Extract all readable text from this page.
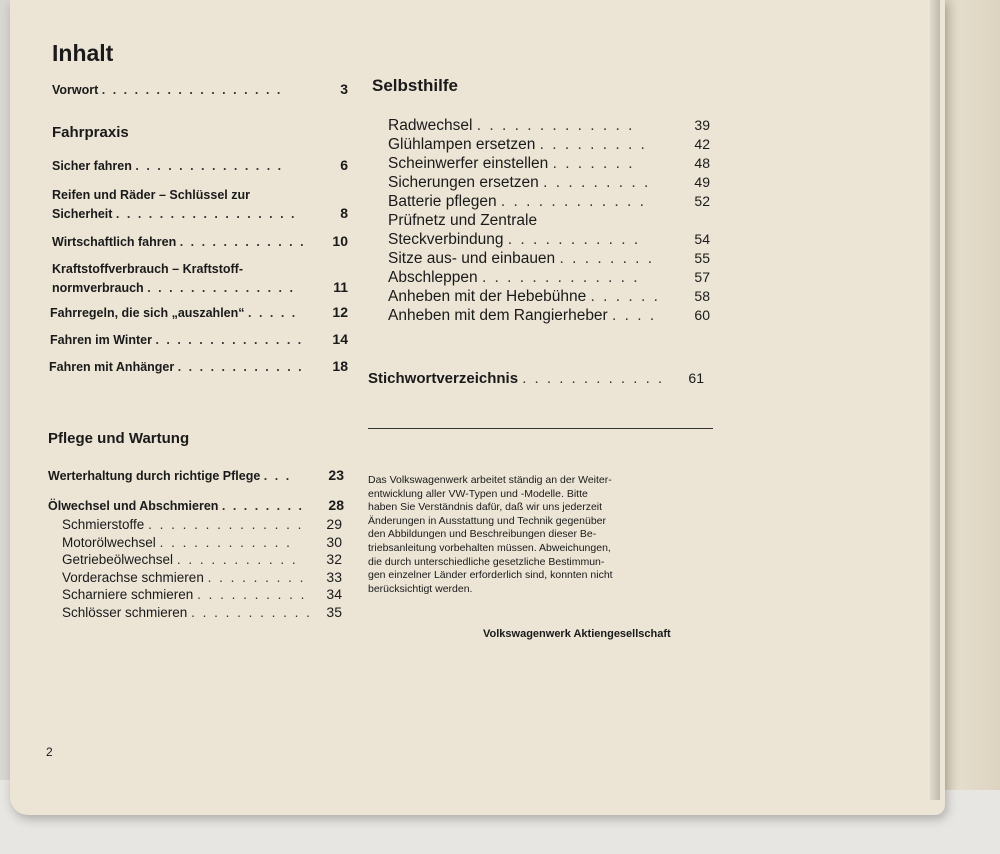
Inhalt
Vorwort . . . . . . . . . . . . . . . . .	3
Fahrpraxis
Sicher fahren . . . . . . . . . . . . . .	6
Reifen und Räder – Schlüssel zur
Sicherheit . . . . . . . . . . . . . . . . .	8
Wirtschaftlich fahren . . . . . . . . . . . . 10
Kraftstoffverbrauch – Kraftstoff-
normverbrauch . . . . . . . . . . . . . .	11
Fahrregeln, die sich „auszahlen“ . . . . .	12
Fahren im Winter . . . . . . . . . . . . . . 14
Fahren mit Anhänger . . . . . . . . . . . . 18
Pflege und Wartung
Werterhaltung durch richtige Pflege . . .	23
Ölwechsel und Abschmieren . . . . . . . . 28
Schmierstoffe . . . . . . . . . . . . . . 29
Motorölwechsel . . . . . . . . . . . . 30
Getriebeölwechsel . . . . . . . . . . . 32
Vorderachse schmieren . . . . . . . . . 33
Scharniere schmieren . . . . . . . . . . 34
Schlösser schmieren . . . . . . . . . . . 35
Selbsthilfe
Radwechsel . . . . . . . . . . . . .	39
Glühlampen ersetzen . . . . . . . . .	42
Scheinwerfer einstellen . . . . . . .	48
Sicherungen ersetzen . . . . . . . . .	49
Batterie pflegen . . . . . . . . . . . .	52
Prüfnetz und Zentrale
Steckverbindung . . . . . . . . . . .	54
Sitze aus- und einbauen . . . . . . . .	55
Abschleppen . . . . . . . . . . . . .	57
Anheben mit der Hebebühne . . . . . . 58
Anheben mit dem Rangierheber . . . .	60
Stichwortverzeichnis . . . . . . . . . . . . 61
Das Volkswagenwerk arbeitet ständig an der Weiter-
entwicklung aller VW-Typen und -Modelle. Bitte
haben Sie Verständnis dafür, daß wir uns jederzeit
Änderungen in Ausstattung und Technik gegenüber
den Abbildungen und Beschreibungen dieser Be-
triebsanleitung vorbehalten müssen. Abweichungen,
die durch unterschiedliche gesetzliche Bestimmun-
gen einzelner Länder erforderlich sind, konnten nicht
berücksichtigt werden.
Volkswagenwerk Aktiengesellschaft
2
